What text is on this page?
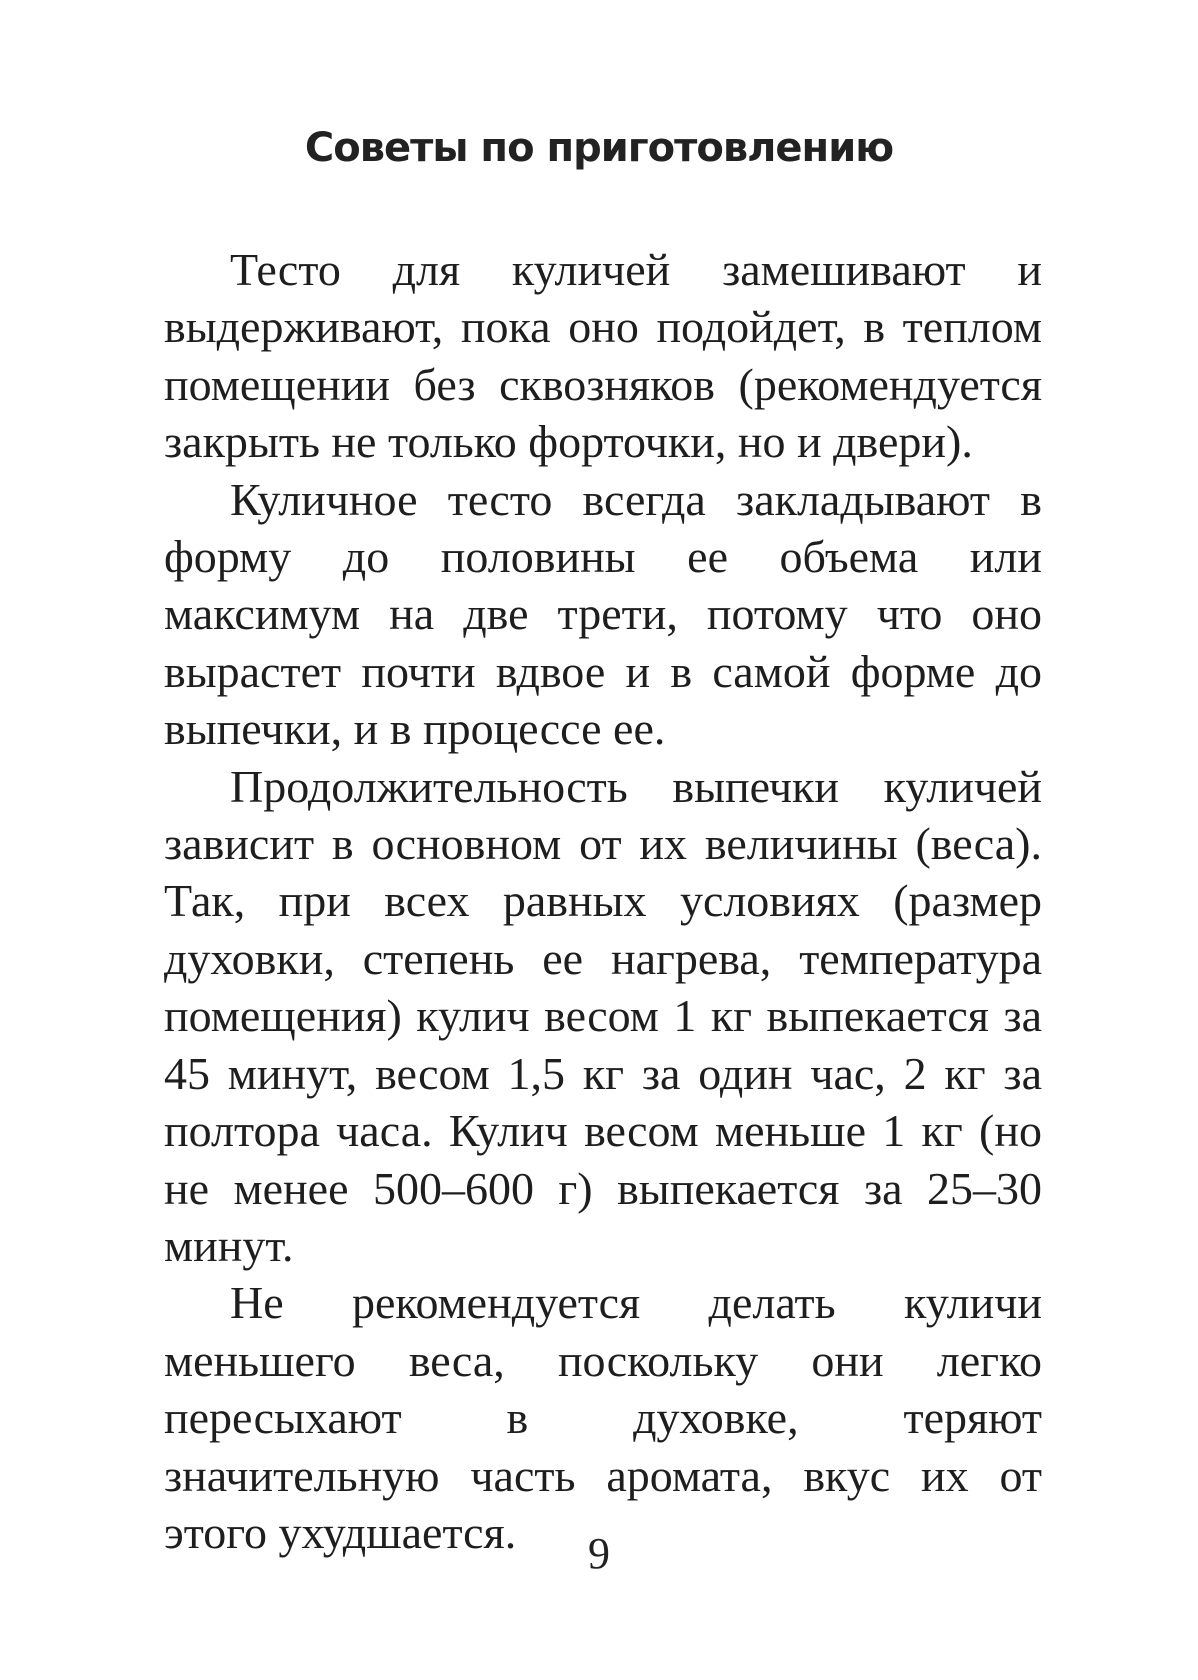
Советы по приготовлению

Тесто для куличей замешивают и выдерживают, пока оно подойдет, в теплом помещении без сквозняков (рекомендуется закрыть не только форточки, но и двери).

Куличное тесто всегда закладывают в форму до половины ее объема или максимум на две трети, потому что оно вырастет почти вдвое и в самой форме до выпечки, и в процессе ее.

Продолжительность выпечки куличей зависит в основном от их величины (веса). Так, при всех равных условиях (размер духовки, степень ее нагрева, температура помещения) кулич весом 1 кг выпекается за 45 минут, весом 1,5 кг за один час, 2 кг за полтора часа. Кулич весом меньше 1 кг (но не менее 500–600 г) выпекается за 25–30 минут.

Не рекомендуется делать куличи меньшего веса, поскольку они легко пересыхают в духовке, теряют значительную часть аромата, вкус их от этого ухудшается.	9
